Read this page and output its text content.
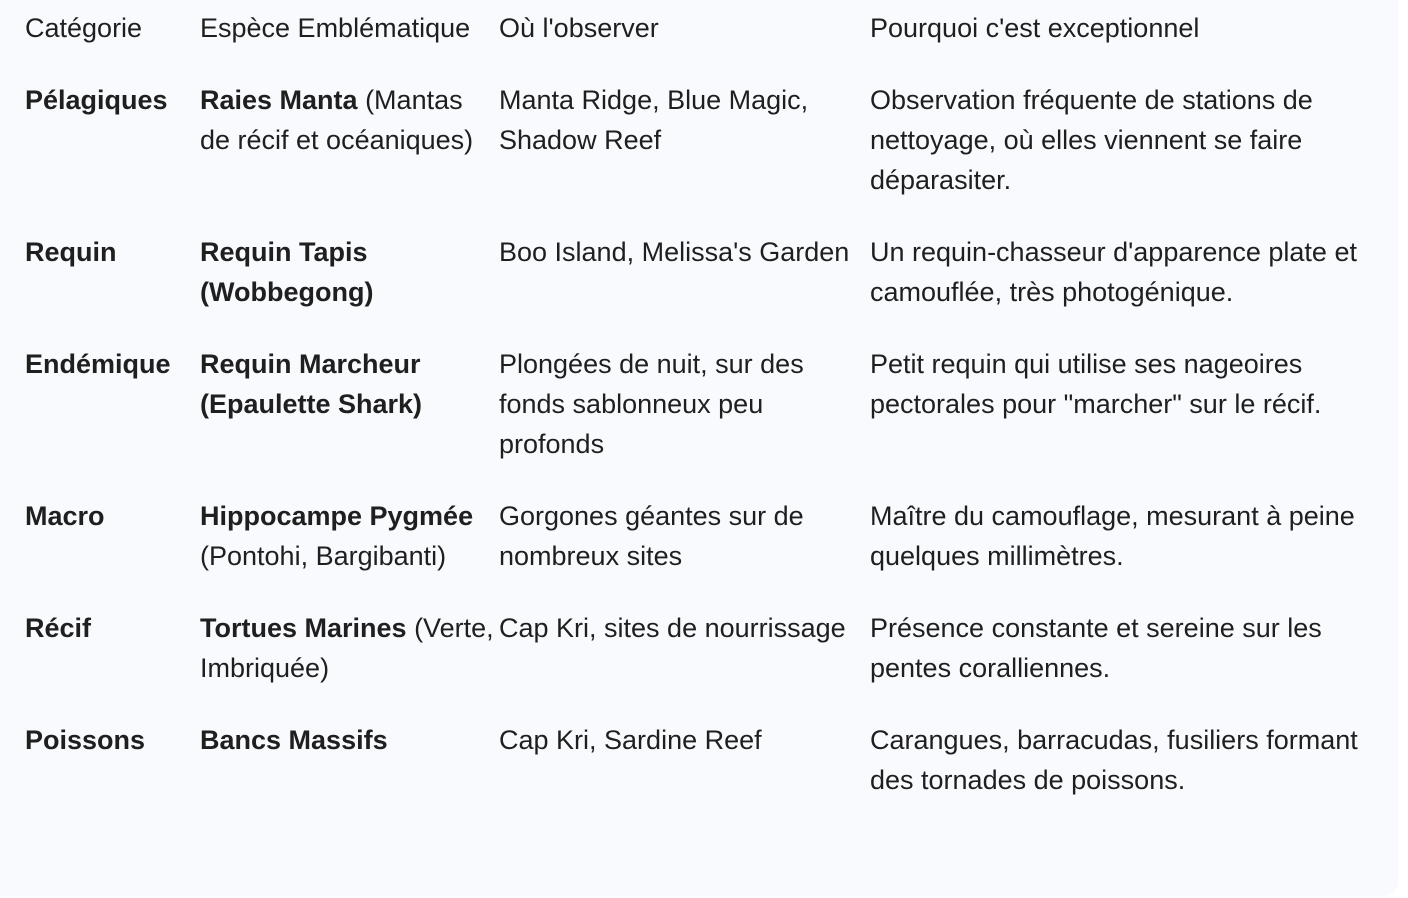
Catégorie	Espèce Emblématique	Où l'observer	Pourquoi c'est exceptionnel
Pélagiques	Raies Manta (Mantas de récif et océaniques)	Manta Ridge, Blue Magic, Shadow Reef	Observation fréquente de stations de nettoyage, où elles viennent se faire déparasiter.
Requin	Requin Tapis (Wobbegong)	Boo Island, Melissa's Garden	Un requin-chasseur d'apparence plate et camouflée, très photogénique.
Endémique	Requin Marcheur (Epaulette Shark)	Plongées de nuit, sur des fonds sablonneux peu profonds	Petit requin qui utilise ses nageoires pectorales pour "marcher" sur le récif.
Macro	Hippocampe Pygmée (Pontohi, Bargibanti)	Gorgones géantes sur de nombreux sites	Maître du camouflage, mesurant à peine quelques millimètres.
Récif	Tortues Marines (Verte, Imbriquée)	Cap Kri, sites de nourrissage	Présence constante et sereine sur les pentes coralliennes.
Poissons	Bancs Massifs	Cap Kri, Sardine Reef	Carangues, barracudas, fusiliers formant des tornades de poissons.
